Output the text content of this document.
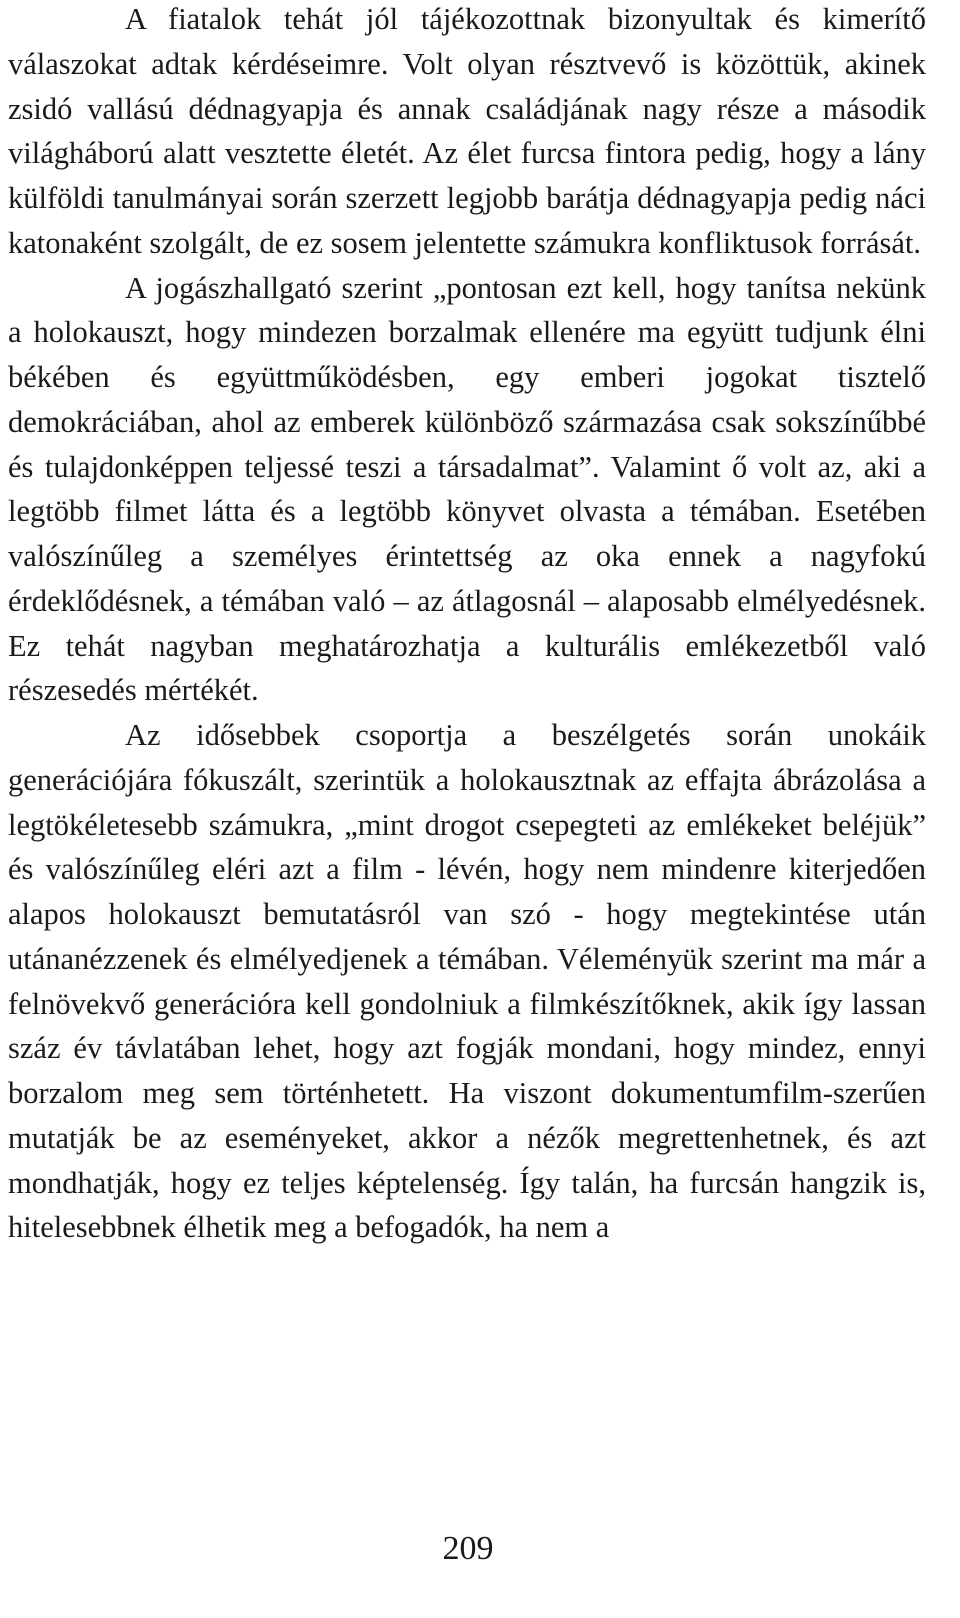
A fiatalok tehát jól tájékozottnak bizonyultak és kimerítő válaszokat adtak kérdéseimre. Volt olyan résztvevő is közöttük, akinek zsidó vallású dédnagyapja és annak családjának nagy része a második világháború alatt vesztette életét. Az élet furcsa fintora pedig, hogy a lány külföldi tanulmányai során szerzett legjobb barátja dédnagyapja pedig náci katonaként szolgált, de ez sosem jelentette számukra konfliktusok forrását.

A jogászhallgató szerint „pontosan ezt kell, hogy tanítsa nekünk a holokauszt, hogy mindezen borzalmak ellenére ma együtt tudjunk élni békében és együttműködésben, egy emberi jogokat tisztelő demokráciában, ahol az emberek különböző származása csak sokszínűbbé és tulajdonképpen teljessé teszi a társadalmat”. Valamint ő volt az, aki a legtöbb filmet látta és a legtöbb könyvet olvasta a témában. Esetében valószínűleg a személyes érintettség az oka ennek a nagyfokú érdeklődésnek, a témában való – az átlagosnál – alaposabb elmélyedésnek. Ez tehát nagyban meghatározhatja a kulturális emlékezetből való részesedés mértékét.

Az idősebbek csoportja a beszélgetés során unokáik generációjára fókuszált, szerintük a holokausztnak az effajta ábrázolása a legtökéletesebb számukra, „mint drogot csepegteti az emlékeket beléjük” és valószínűleg eléri azt a film - lévén, hogy nem mindenre kiterjedően alapos holokauszt bemutatásról van szó - hogy megtekintése után utánanézzenek és elmélyedjenek a témában. Véleményük szerint ma már a felnövekvő generációra kell gondolniuk a filmkészítőknek, akik így lassan száz év távlatában lehet, hogy azt fogják mondani, hogy mindez, ennyi borzalom meg sem történhetett. Ha viszont dokumentumfilm-szerűen mutatják be az eseményeket, akkor a nézők megrettenhetnek, és azt mondhatják, hogy ez teljes képtelenség. Így talán, ha furcsán hangzik is, hitelesebbnek élhetik meg a befogadók, ha nem a

209
